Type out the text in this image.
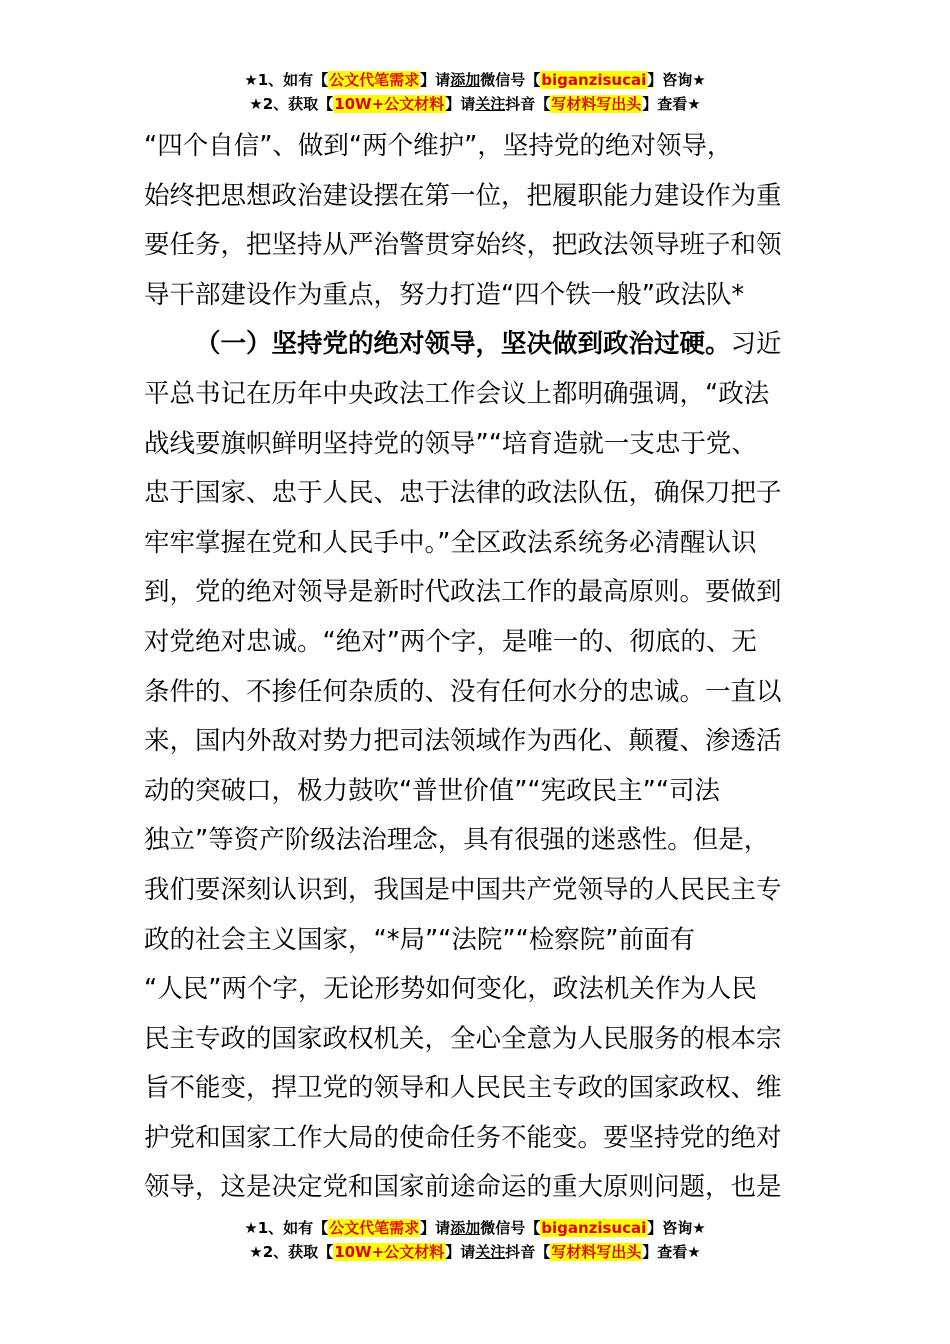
★1、如有【公文代笔需求】请添加微信号【biganzisucai】咨询★
★2、获取【10W+公文材料】请关注抖音【写材料写出头】查看★
“四个自信”、做到“两个维护”，坚持党的绝对领导，
始终把思想政治建设摆在第一位，把履职能力建设作为重
要任务，把坚持从严治警贯穿始终，把政法领导班子和领
导干部建设作为重点，努力打造“四个铁一般”政法队*
（一）坚持党的绝对领导，坚决做到政治过硬。习近
平总书记在历年中央政法工作会议上都明确强调，“政法
战线要旗帜鲜明坚持党的领导”“培育造就一支忠于党、
忠于国家、忠于人民、忠于法律的政法队伍，确保刀把子
牢牢掌握在党和人民手中。”全区政法系统务必清醒认识
到，党的绝对领导是新时代政法工作的最高原则。要做到
对党绝对忠诚。“绝对”两个字，是唯一的、彻底的、无
条件的、不掺任何杂质的、没有任何水分的忠诚。一直以
来，国内外敌对势力把司法领域作为西化、颠覆、渗透活
动的突破口，极力鼓吹“普世价值”“宪政民主”“司法
独立”等资产阶级法治理念，具有很强的迷惑性。但是，
我们要深刻认识到，我国是中国共产党领导的人民民主专
政的社会主义国家，“*局”“法院”“检察院”前面有
“人民”两个字，无论形势如何变化，政法机关作为人民
民主专政的国家政权机关，全心全意为人民服务的根本宗
旨不能变，捍卫党的领导和人民民主专政的国家政权、维
护党和国家工作大局的使命任务不能变。要坚持党的绝对
领导，这是决定党和国家前途命运的重大原则问题，也是
★1、如有【公文代笔需求】请添加微信号【biganzisucai】咨询★
★2、获取【10W+公文材料】请关注抖音【写材料写出头】查看★
